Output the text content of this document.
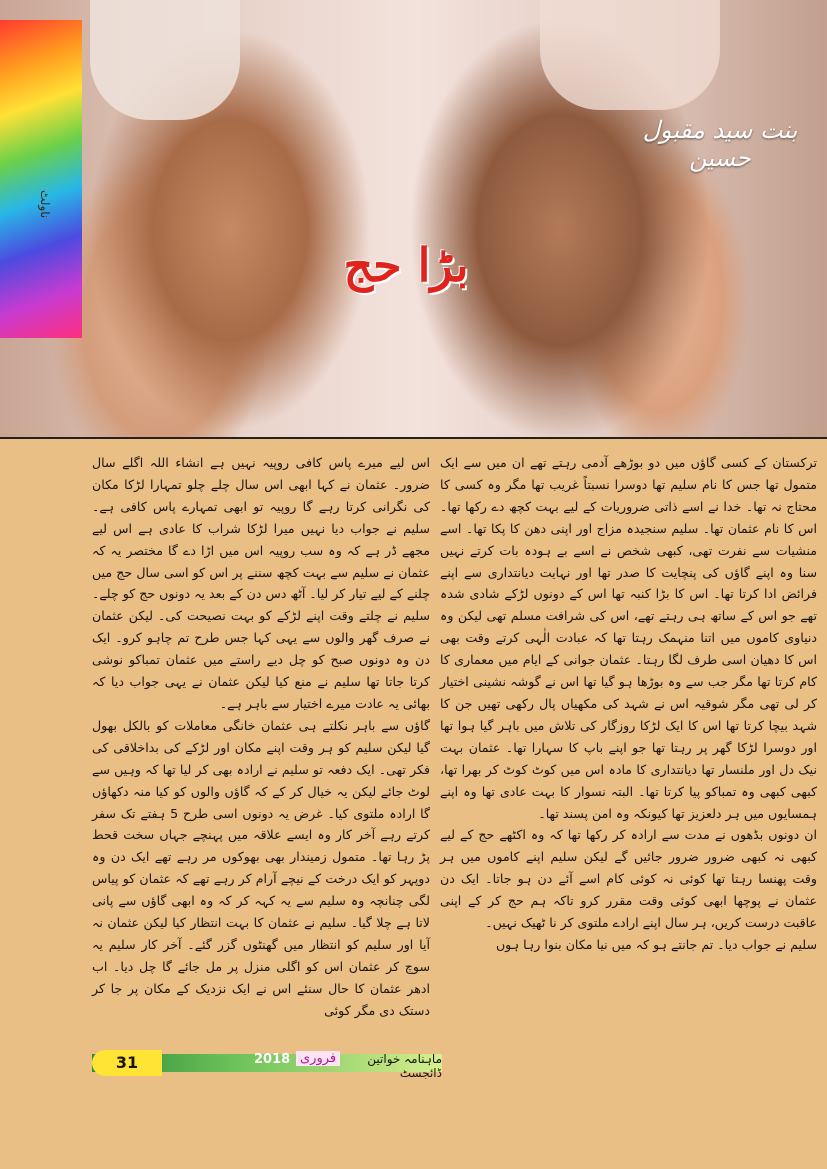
ناولٹ
بنت سید مقبول حسین
بڑا حج

ترکستان کے کسی گاؤں میں دو بوڑھے آدمی رہتے تھے ان میں سے ایک متمول تھا جس کا نام سلیم تھا دوسرا نسبتاً غریب تھا مگر وہ کسی کا محتاج نہ تھا۔ خدا نے اسے ذاتی ضروریات کے لیے بہت کچھ دے رکھا تھا۔ اس کا نام عثمان تھا۔ سلیم سنجیدہ مزاج اور اپنی دھن کا پکا تھا۔ اسے منشیات سے نفرت تھی، کبھی شخص نے اسے بے ہودہ بات کرتے نہیں سنا وہ اپنے گاؤں کی پنچایت کا صدر تھا اور نہایت دیانتداری سے اپنے فرائض ادا کرتا تھا۔ اس کا بڑا کنبہ تھا اس کے دونوں لڑکے شادی شدہ تھے جو اس کے ساتھ ہی رہتے تھے، اس کی شرافت مسلم تھی لیکن وہ دنیاوی کاموں میں اتنا منہمک رہتا تھا کہ عبادت الٰہی کرتے وقت بھی اس کا دھیان اسی طرف لگا رہتا۔ عثمان جوانی کے ایام میں معماری کا کام کرتا تھا مگر جب سے وہ بوڑھا ہو گیا تھا اس نے گوشہ نشینی اختیار کر لی تھی مگر شوقیہ اس نے شہد کی مکھیاں پال رکھی تھیں جن کا شہد بیچا کرتا تھا اس کا ایک لڑکا روزگار کی تلاش میں باہر گیا ہوا تھا اور دوسرا لڑکا گھر پر رہتا تھا جو اپنے باپ کا سہارا تھا۔ عثمان بہت نیک دل اور ملنسار تھا دیانتداری کا مادہ اس میں کوٹ کوٹ کر بھرا تھا، کبھی کبھی وہ تمباکو پیا کرتا تھا۔ البتہ نسوار کا بہت عادی تھا وہ اپنے ہمسایوں میں ہر دلعزیز تھا کیونکہ وہ امن پسند تھا۔

ان دونوں بڈھوں نے مدت سے ارادہ کر رکھا تھا کہ وہ اکٹھے حج کے لیے کبھی نہ کبھی ضرور ضرور جائیں گے لیکن سلیم اپنے کاموں میں ہر وقت پھنسا رہتا تھا کوئی نہ کوئی کام اسے آئے دن ہو جاتا۔ ایک دن عثمان نے پوچھا ابھی کوئی وقت مقرر کرو تاکہ ہم حج کر کے اپنی عاقبت درست کریں، ہر سال اپنے ارادے ملتوی کر نا ٹھیک نہیں۔

سلیم نے جواب دیا۔ تم جانتے ہو کہ میں نیا مکان بنوا رہا ہوں

اس لیے میرے پاس کافی روپیہ نہیں ہے انشاء اللہ اگلے سال ضرور۔ عثمان نے کہا ابھی اس سال چلے چلو تمہارا لڑکا مکان کی نگرانی کرتا رہے گا روپیہ تو ابھی تمہارے پاس کافی ہے۔ سلیم نے جواب دیا نہیں میرا لڑکا شراب کا عادی ہے اس لیے مجھے ڈر ہے کہ وہ سب روپیہ اس میں اڑا دے گا مختصر یہ کہ عثمان نے سلیم سے بہت کچھ سننے پر اس کو اسی سال حج میں چلنے کے لیے تیار کر لیا۔ آٹھ دس دن کے بعد یہ دونوں حج کو چلے۔ سلیم نے چلتے وقت اپنے لڑکے کو بہت نصیحت کی۔ لیکن عثمان نے صرف گھر والوں سے یہی کہا جس طرح تم چاہو کرو۔ ایک دن وہ دونوں صبح کو چل دیے راستے میں عثمان تمباکو نوشی کرتا جاتا تھا سلیم نے منع کیا لیکن عثمان نے یہی جواب دیا کہ بھائی یہ عادت میرے اختیار سے باہر ہے۔

گاؤں سے باہر نکلتے ہی عثمان خانگی معاملات کو بالکل بھول گیا لیکن سلیم کو ہر وقت اپنے مکان اور لڑکے کی بداخلاقی کی فکر تھی۔ ایک دفعہ تو سلیم نے ارادہ بھی کر لیا تھا کہ وہیں سے لوٹ جائے لیکن یہ خیال کر کے کہ گاؤں والوں کو کیا منہ دکھاؤں گا ارادہ ملتوی کیا۔ غرض یہ دونوں اسی طرح 5 ہفتے تک سفر کرتے رہے آخر کار وہ ایسے علاقہ میں پہنچے جہاں سخت قحط پڑ رہا تھا۔ متمول زمیندار بھی بھوکوں مر رہے تھے ایک دن وہ دوپہر کو ایک درخت کے نیچے آرام کر رہے تھے کہ عثمان کو پیاس لگی چنانچہ وہ سلیم سے یہ کہہ کر کہ وہ ابھی گاؤں سے پانی لاتا ہے چلا گیا۔ سلیم نے عثمان کا بہت انتظار کیا لیکن عثمان نہ آیا اور سلیم کو انتظار میں گھنٹوں گزر گئے۔ آخر کار سلیم یہ سوچ کر عثمان اس کو اگلی منزل پر مل جائے گا چل دیا۔ اب ادھر عثمان کا حال سنئے اس نے ایک نزدیک کے مکان پر جا کر دستک دی مگر کوئی

31	2018 فروری	ماہنامہ خواتین ڈائجسٹ
